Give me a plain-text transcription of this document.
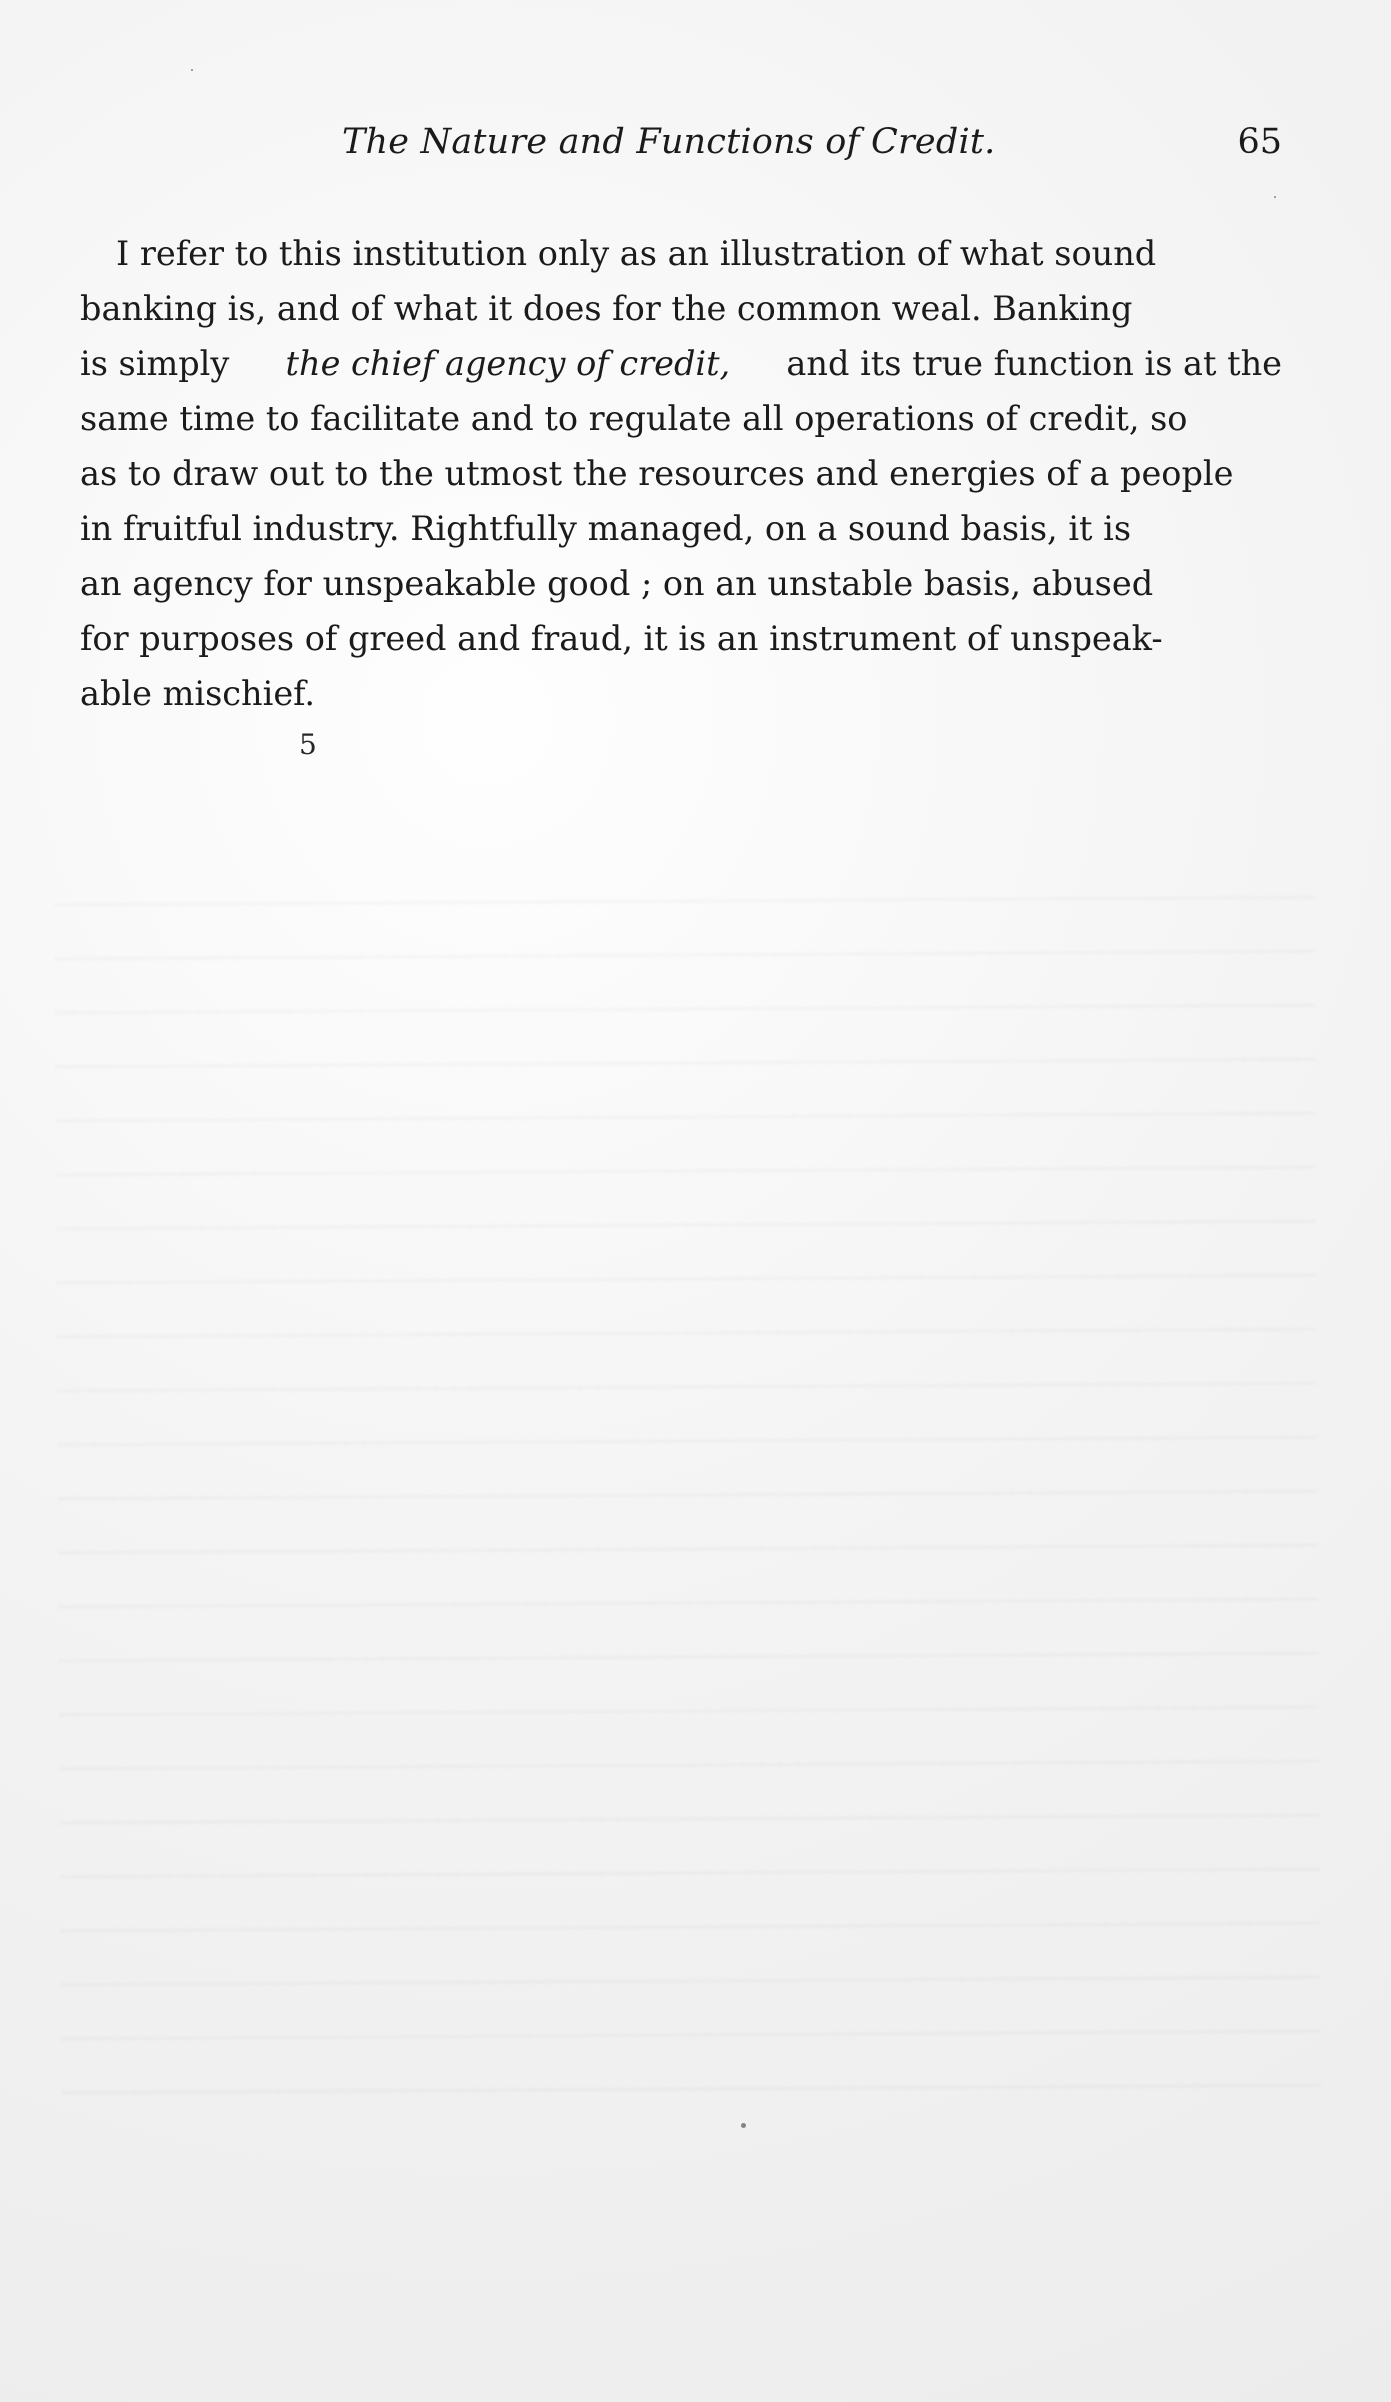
The Nature and Functions of Credit.	65
I refer to this institution only as an illustration of what sound
banking is, and of what it does for the common weal. Banking
is simply the chief agency of credit, and its true function is at the
same time to facilitate and to regulate all operations of credit, so
as to draw out to the utmost the resources and energies of a people
in fruitful industry. Rightfully managed, on a sound basis, it is
an agency for unspeakable good ; on an unstable basis, abused
for purposes of greed and fraud, it is an instrument of unspeak-
able mischief.
5
